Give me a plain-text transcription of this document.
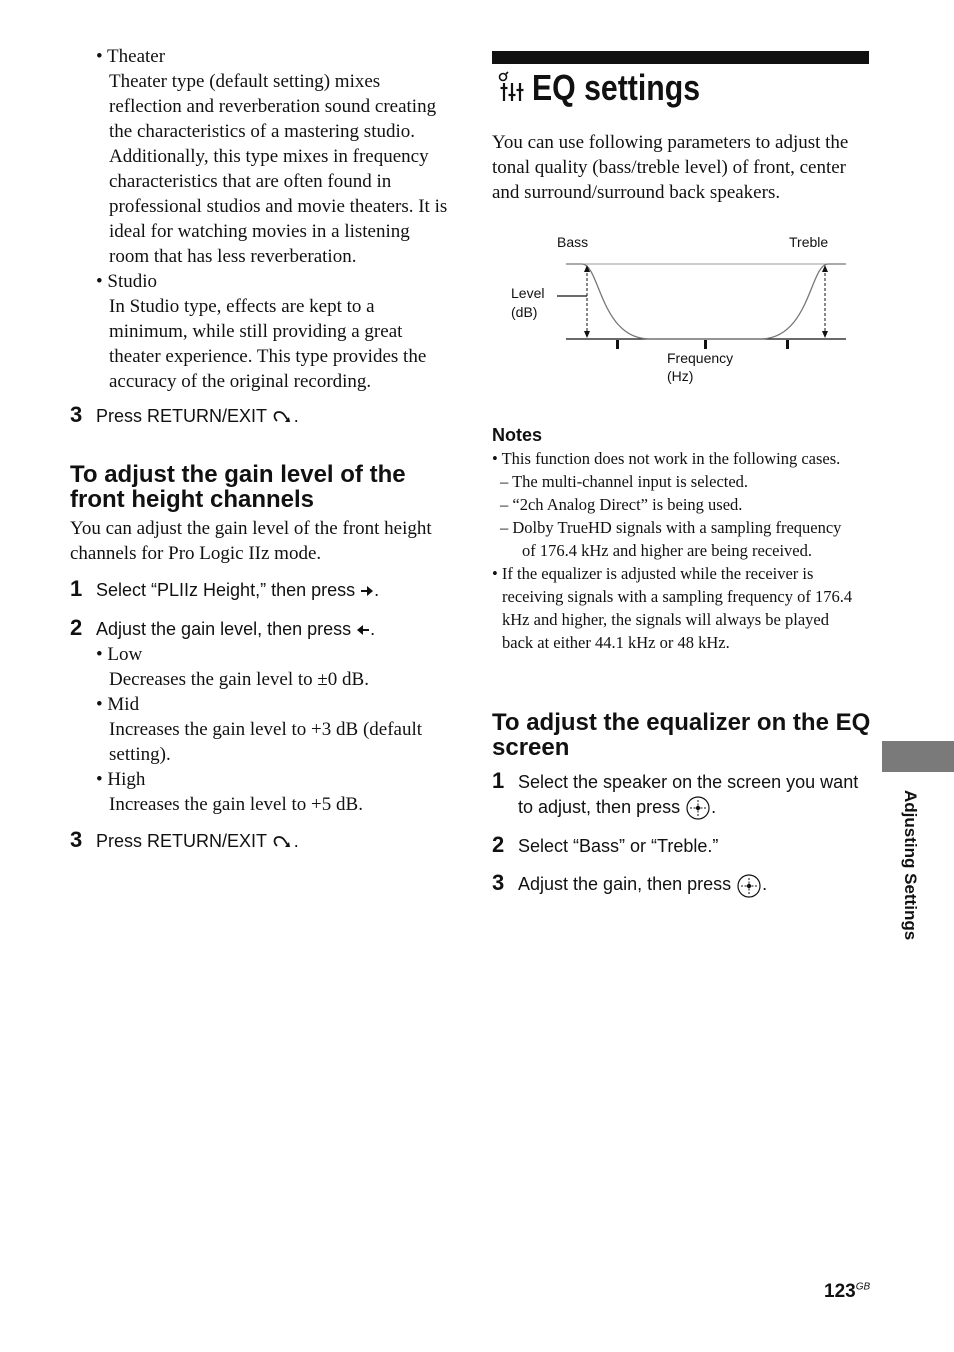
• Theater
Theater type (default setting) mixes reflection and reverberation sound creating the characteristics of a mastering studio. Additionally, this type mixes in frequency characteristics that are often found in professional studios and movie theaters. It is ideal for watching movies in a listening room that has less reverberation.
• Studio
In Studio type, effects are kept to a minimum, while still providing a great theater experience. This type provides the accuracy of the original recording.
3 Press RETURN/EXIT .
To adjust the gain level of the front height channels
You can adjust the gain level of the front height channels for Pro Logic IIz mode.
1 Select “PLIIz Height,” then press .
2 Adjust the gain level, then press .
• Low
Decreases the gain level to ±0 dB.
• Mid
Increases the gain level to +3 dB (default setting).
• High
Increases the gain level to +5 dB.
3 Press RETURN/EXIT .
EQ settings
You can use following parameters to adjust the tonal quality (bass/treble level) of front, center and surround/surround back speakers.
Bass	Treble
Level
(dB)
Frequency
(Hz)
Notes
• This function does not work in the following cases.
– The multi-channel input is selected.
– “2ch Analog Direct” is being used.
– Dolby TrueHD signals with a sampling frequency of 176.4 kHz and higher are being received.
• If the equalizer is adjusted while the receiver is receiving signals with a sampling frequency of 176.4 kHz and higher, the signals will always be played back at either 44.1 kHz or 48 kHz.
To adjust the equalizer on the EQ screen
1 Select the speaker on the screen you want to adjust, then press .
2 Select “Bass” or “Treble.”
3 Adjust the gain, then press .	Adjusting Settings
$123^{GB}$
